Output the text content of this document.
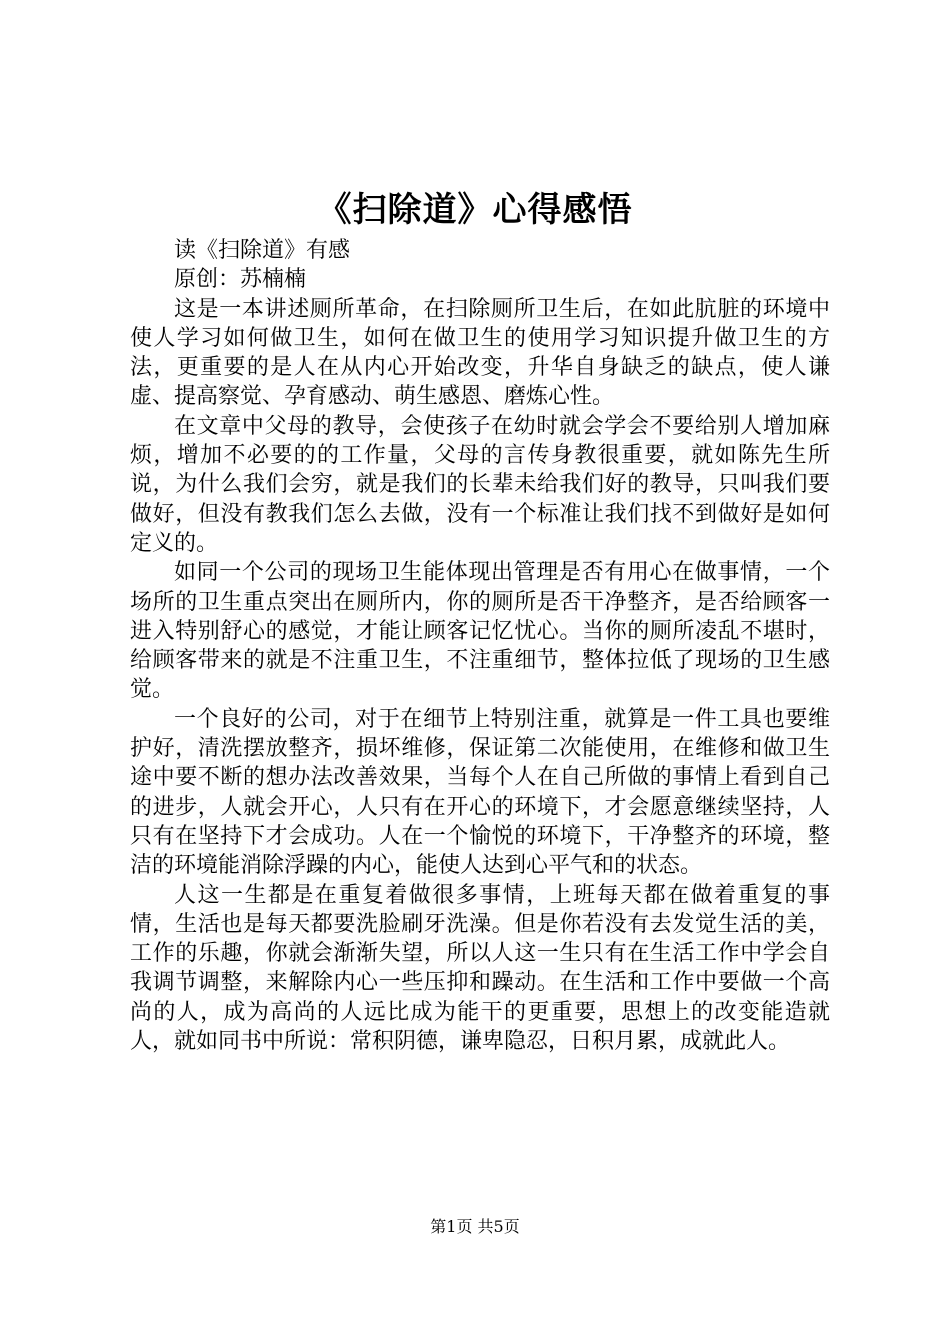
《扫除道》心得感悟

读《扫除道》有感

原创：苏楠楠

这是一本讲述厕所革命，在扫除厕所卫生后，在如此肮脏的环境中使人学习如何做卫生，如何在做卫生的使用学习知识提升做卫生的方法，更重要的是人在从内心开始改变，升华自身缺乏的缺点，使人谦虚、提高察觉、孕育感动、萌生感恩、磨炼心性。

在文章中父母的教导，会使孩子在幼时就会学会不要给别人增加麻烦，增加不必要的的工作量，父母的言传身教很重要，就如陈先生所说，为什么我们会穷，就是我们的长辈未给我们好的教导，只叫我们要做好，但没有教我们怎么去做，没有一个标准让我们找不到做好是如何定义的。

如同一个公司的现场卫生能体现出管理是否有用心在做事情，一个场所的卫生重点突出在厕所内，你的厕所是否干净整齐，是否给顾客一进入特别舒心的感觉，才能让顾客记忆忧心。当你的厕所凌乱不堪时，给顾客带来的就是不注重卫生，不注重细节，整体拉低了现场的卫生感觉。

一个良好的公司，对于在细节上特别注重，就算是一件工具也要维护好，清洗摆放整齐，损坏维修，保证第二次能使用，在维修和做卫生途中要不断的想办法改善效果，当每个人在自己所做的事情上看到自己的进步，人就会开心，人只有在开心的环境下，才会愿意继续坚持，人只有在坚持下才会成功。人在一个愉悦的环境下，干净整齐的环境，整洁的环境能消除浮躁的内心，能使人达到心平气和的状态。

人这一生都是在重复着做很多事情，上班每天都在做着重复的事情，生活也是每天都要洗脸刷牙洗澡。但是你若没有去发觉生活的美，工作的乐趣，你就会渐渐失望，所以人这一生只有在生活工作中学会自我调节调整，来解除内心一些压抑和躁动。在生活和工作中要做一个高尚的人，成为高尚的人远比成为能干的更重要，思想上的改变能造就人，就如同书中所说：常积阴德，谦卑隐忍，日积月累，成就此人。

第1页 共5页
